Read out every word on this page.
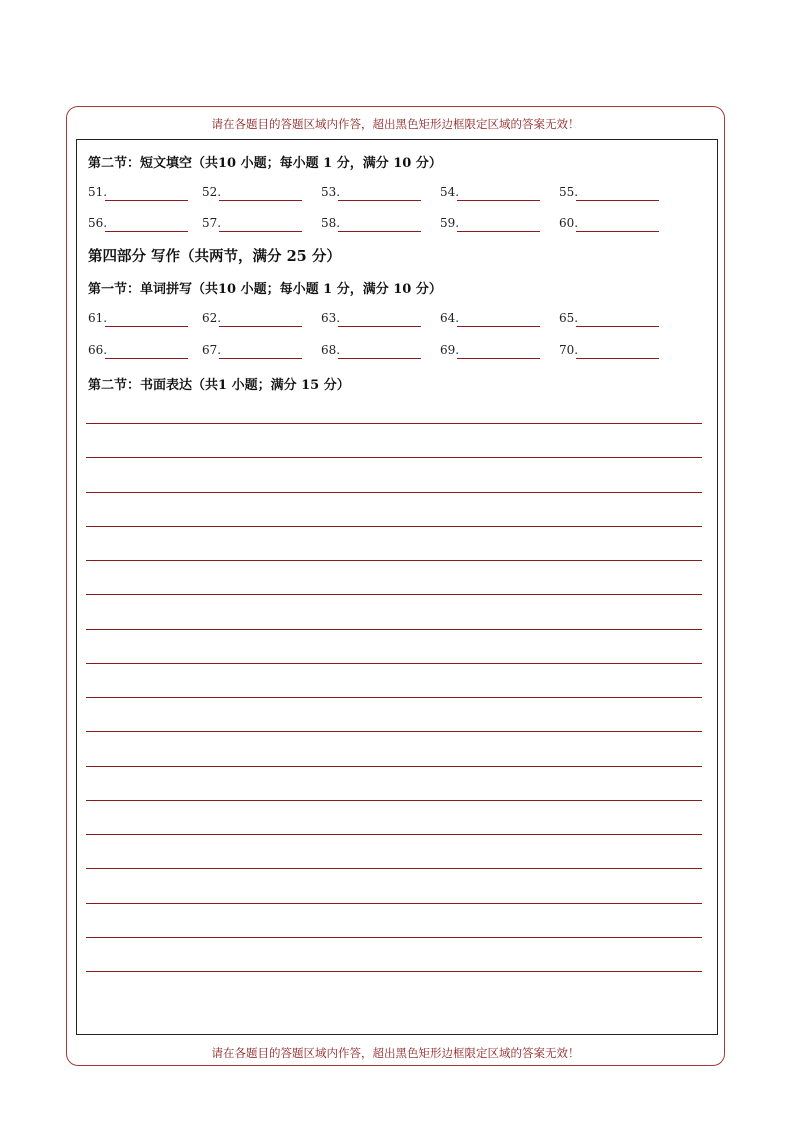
请在各题目的答题区域内作答，超出黑色矩形边框限定区域的答案无效！
第二节：短文填空（共10 小题；每小题 1 分，满分 10 分）
51.	52.	53.	54.	55.
56.	57.	58.	59.	60.
第四部分 写作（共两节，满分 25 分）
第一节：单词拼写（共10 小题；每小题 1 分，满分 10 分）
61.	62.	63.	64.	65.
66.	67.	68.	69.	70.
第二节：书面表达（共1 小题；满分 15 分）
请在各题目的答题区域内作答，超出黑色矩形边框限定区域的答案无效！
